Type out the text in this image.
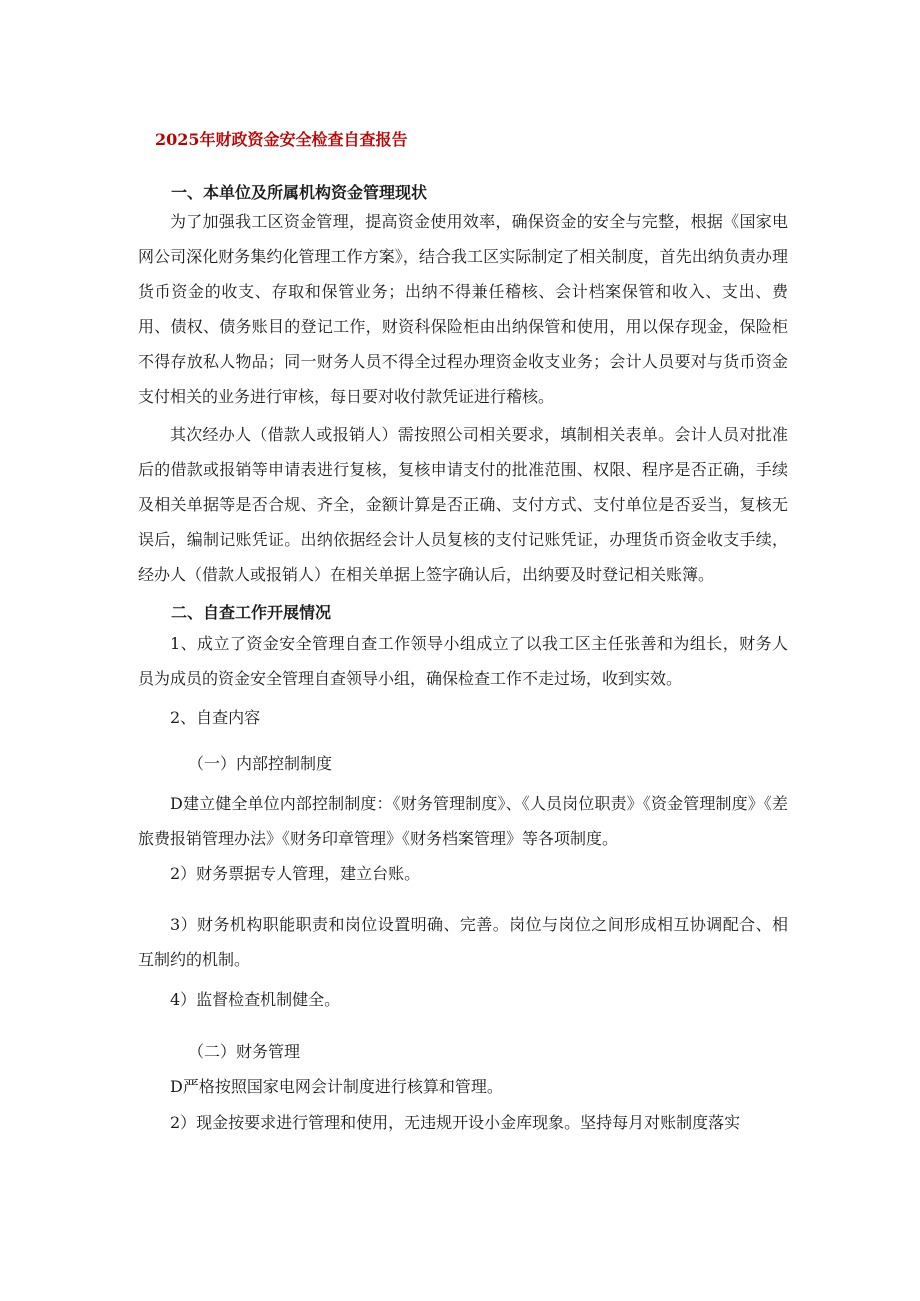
2025年财政资金安全检查自查报告
一、本单位及所属机构资金管理现状

为了加强我工区资金管理，提高资金使用效率，确保资金的安全与完整，根据《国家电网公司深化财务集约化管理工作方案》，结合我工区实际制定了相关制度，首先出纳负责办理货币资金的收支、存取和保管业务；出纳不得兼任稽核、会计档案保管和收入、支出、费用、债权、债务账目的登记工作，财资科保险柜由出纳保管和使用，用以保存现金，保险柜不得存放私人物品；同一财务人员不得全过程办理资金收支业务；会计人员要对与货币资金支付相关的业务进行审核，每日要对收付款凭证进行稽核。

其次经办人（借款人或报销人）需按照公司相关要求，填制相关表单。会计人员对批准后的借款或报销等申请表进行复核，复核申请支付的批准范围、权限、程序是否正确，手续及相关单据等是否合规、齐全，金额计算是否正确、支付方式、支付单位是否妥当，复核无误后，编制记账凭证。出纳依据经会计人员复核的支付记账凭证，办理货币资金收支手续，经办人（借款人或报销人）在相关单据上签字确认后，出纳要及时登记相关账簿。

二、自查工作开展情况

1、成立了资金安全管理自查工作领导小组成立了以我工区主任张善和为组长，财务人员为成员的资金安全管理自查领导小组，确保检查工作不走过场，收到实效。

2、自查内容
（一）内部控制制度

D建立健全单位内部控制制度：《财务管理制度》、《人员岗位职责》《资金管理制度》《差旅费报销管理办法》《财务印章管理》《财务档案管理》等各项制度。

2）财务票据专人管理，建立台账。

3）财务机构职能职责和岗位设置明确、完善。岗位与岗位之间形成相互协调配合、相互制约的机制。

4）监督检查机制健全。
（二）财务管理
D严格按照国家电网会计制度进行核算和管理。
2）现金按要求进行管理和使用，无违规开设小金库现象。坚持每月对账制度落实
